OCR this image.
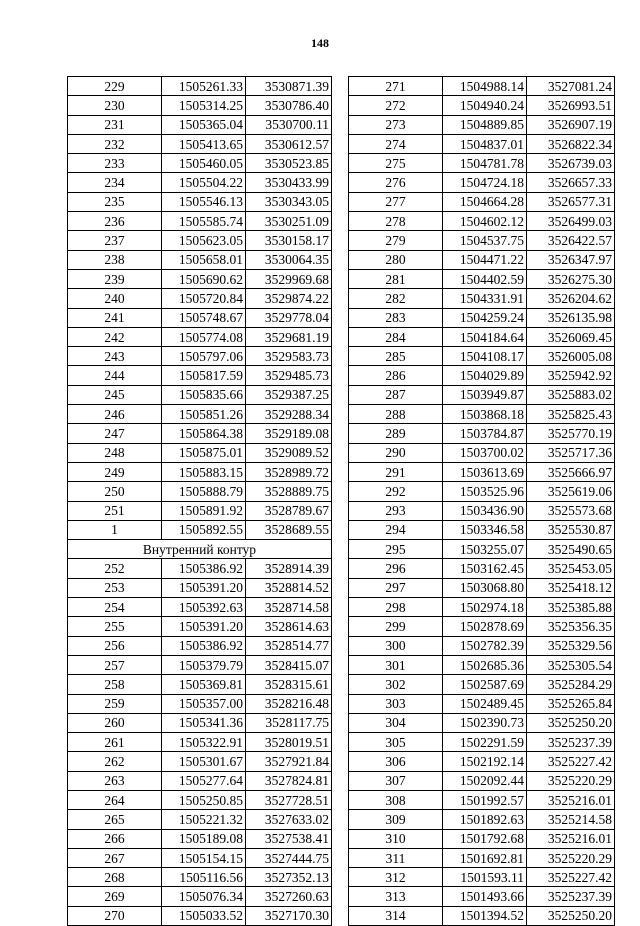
148
229	1505261.33	3530871.39
230	1505314.25	3530786.40
231	1505365.04	3530700.11
232	1505413.65	3530612.57
233	1505460.05	3530523.85
234	1505504.22	3530433.99
235	1505546.13	3530343.05
236	1505585.74	3530251.09
237	1505623.05	3530158.17
238	1505658.01	3530064.35
239	1505690.62	3529969.68
240	1505720.84	3529874.22
241	1505748.67	3529778.04
242	1505774.08	3529681.19
243	1505797.06	3529583.73
244	1505817.59	3529485.73
245	1505835.66	3529387.25
246	1505851.26	3529288.34
247	1505864.38	3529189.08
248	1505875.01	3529089.52
249	1505883.15	3528989.72
250	1505888.79	3528889.75
251	1505891.92	3528789.67
1	1505892.55	3528689.55
Внутренний контур		
252	1505386.92	3528914.39
253	1505391.20	3528814.52
254	1505392.63	3528714.58
255	1505391.20	3528614.63
256	1505386.92	3528514.77
257	1505379.79	3528415.07
258	1505369.81	3528315.61
259	1505357.00	3528216.48
260	1505341.36	3528117.75
261	1505322.91	3528019.51
262	1505301.67	3527921.84
263	1505277.64	3527824.81
264	1505250.85	3527728.51
265	1505221.32	3527633.02
266	1505189.08	3527538.41
267	1505154.15	3527444.75
268	1505116.56	3527352.13
269	1505076.34	3527260.63
270	1505033.52	3527170.30
271	1504988.14	3527081.24
272	1504940.24	3526993.51
273	1504889.85	3526907.19
274	1504837.01	3526822.34
275	1504781.78	3526739.03
276	1504724.18	3526657.33
277	1504664.28	3526577.31
278	1504602.12	3526499.03
279	1504537.75	3526422.57
280	1504471.22	3526347.97
281	1504402.59	3526275.30
282	1504331.91	3526204.62
283	1504259.24	3526135.98
284	1504184.64	3526069.45
285	1504108.17	3526005.08
286	1504029.89	3525942.92
287	1503949.87	3525883.02
288	1503868.18	3525825.43
289	1503784.87	3525770.19
290	1503700.02	3525717.36
291	1503613.69	3525666.97
292	1503525.96	3525619.06
293	1503436.90	3525573.68
294	1503346.58	3525530.87
295	1503255.07	3525490.65
296	1503162.45	3525453.05
297	1503068.80	3525418.12
298	1502974.18	3525385.88
299	1502878.69	3525356.35
300	1502782.39	3525329.56
301	1502685.36	3525305.54
302	1502587.69	3525284.29
303	1502489.45	3525265.84
304	1502390.73	3525250.20
305	1502291.59	3525237.39
306	1502192.14	3525227.42
307	1502092.44	3525220.29
308	1501992.57	3525216.01
309	1501892.63	3525214.58
310	1501792.68	3525216.01
311	1501692.81	3525220.29
312	1501593.11	3525227.42
313	1501493.66	3525237.39
314	1501394.52	3525250.20
